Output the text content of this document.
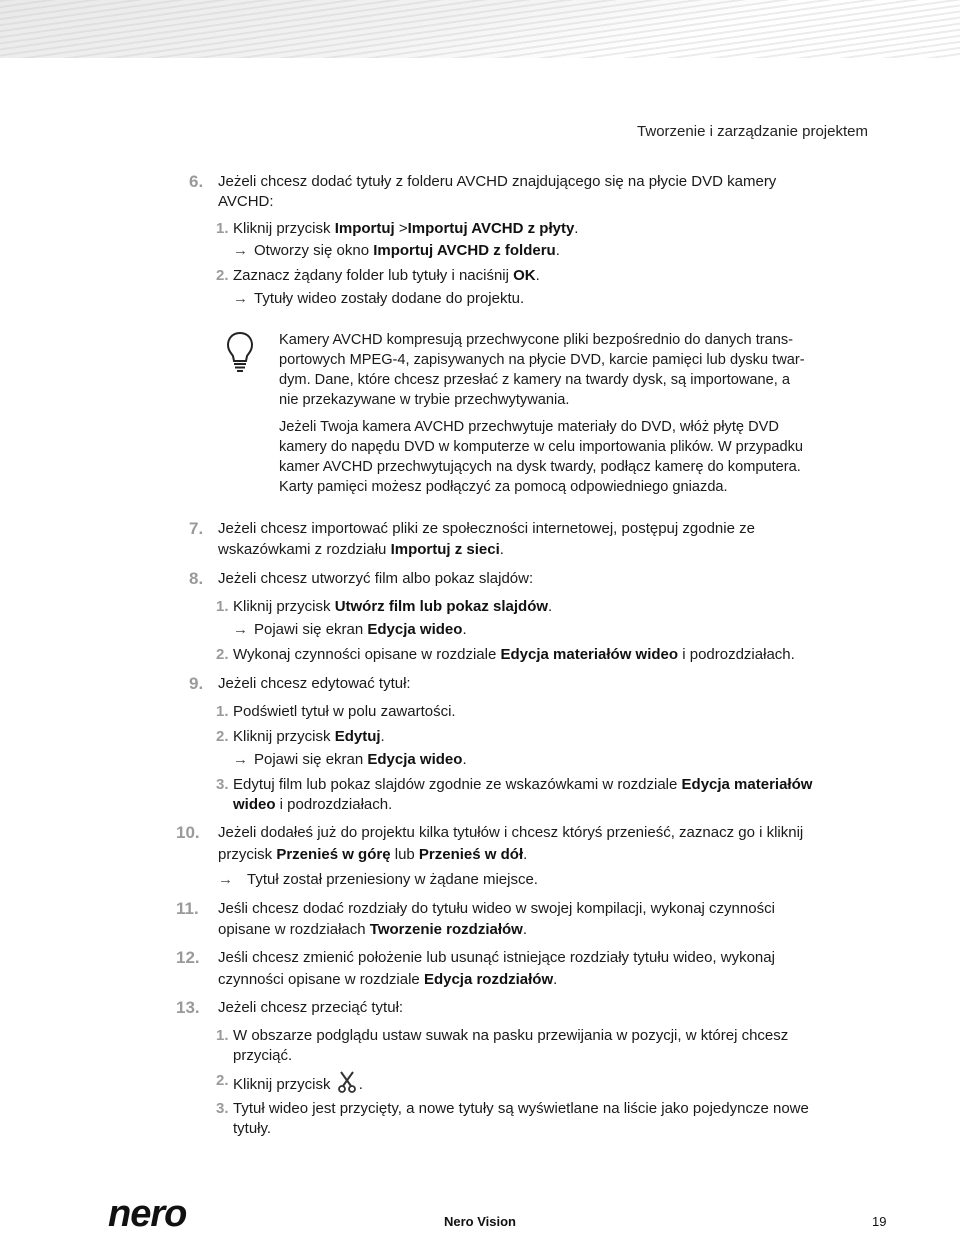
Tworzenie i zarządzanie projektem
6. Jeżeli chcesz dodać tytuły z folderu AVCHD znajdującego się na płycie DVD kamery
AVCHD:
1. Kliknij przycisk Importuj >Importuj AVCHD z płyty.
→ Otworzy się okno Importuj AVCHD z folderu.
2. Zaznacz żądany folder lub tytuły i naciśnij OK.
→ Tytuły wideo zostały dodane do projektu.

Kamery AVCHD kompresują przechwycone pliki bezpośrednio do danych trans-
portowych MPEG-4, zapisywanych na płycie DVD, karcie pamięci lub dysku twar-
dym. Dane, które chcesz przesłać z kamery na twardy dysk, są importowane, a
nie przekazywane w trybie przechwytywania.

Jeżeli Twoja kamera AVCHD przechwytuje materiały do DVD, włóż płytę DVD
kamery do napędu DVD w komputerze w celu importowania plików. W przypadku
kamer AVCHD przechwytujących na dysk twardy, podłącz kamerę do komputera.
Karty pamięci możesz podłączyć za pomocą odpowiedniego gniazda.

7. Jeżeli chcesz importować pliki ze społeczności internetowej, postępuj zgodnie ze
wskazówkami z rozdziału Importuj z sieci.
8. Jeżeli chcesz utworzyć film albo pokaz slajdów:
1. Kliknij przycisk Utwórz film lub pokaz slajdów.
→ Pojawi się ekran Edycja wideo.
2. Wykonaj czynności opisane w rozdziale Edycja materiałów wideo i podrozdziałach.
9. Jeżeli chcesz edytować tytuł:
1. Podświetl tytuł w polu zawartości.
2. Kliknij przycisk Edytuj.
→ Pojawi się ekran Edycja wideo.
3. Edytuj film lub pokaz slajdów zgodnie ze wskazówkami w rozdziale Edycja materiałów
wideo i podrozdziałach.
10. Jeżeli dodałeś już do projektu kilka tytułów i chcesz któryś przenieść, zaznacz go i kliknij
przycisk Przenieś w górę lub Przenieś w dół.
→ Tytuł został przeniesiony w żądane miejsce.
11. Jeśli chcesz dodać rozdziały do tytułu wideo w swojej kompilacji, wykonaj czynności
opisane w rozdziałach Tworzenie rozdziałów.
12. Jeśli chcesz zmienić położenie lub usunąć istniejące rozdziały tytułu wideo, wykonaj
czynności opisane w rozdziale Edycja rozdziałów.
13. Jeżeli chcesz przeciąć tytuł:
1. W obszarze podglądu ustaw suwak na pasku przewijania w pozycji, w której chcesz
przyciąć.
2. Kliknij przycisk .
3. Tytuł wideo jest przycięty, a nowe tytuły są wyświetlane na liście jako pojedyncze nowe
tytuły.
nero	Nero Vision	19
